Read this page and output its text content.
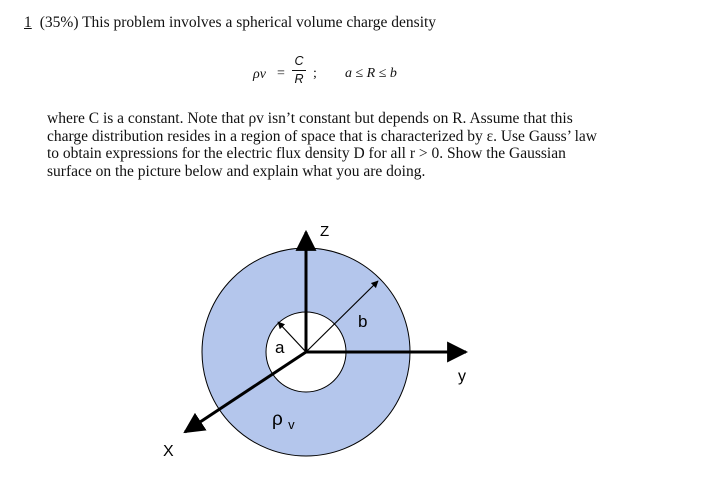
1 (35%) This problem involves a spherical volume charge density
ρv =
C
R ; a ≤ R ≤ b
where C is a constant. Note that ρv isn’t constant but depends on R. Assume that this
charge distribution resides in a region of space that is characterized by ε. Use Gauss’ law
to obtain expressions for the electric flux density D for all r > 0. Show the Gaussian
surface on the picture below and explain what you are doing.
Z
y
X
a
b
ρ $_v$
